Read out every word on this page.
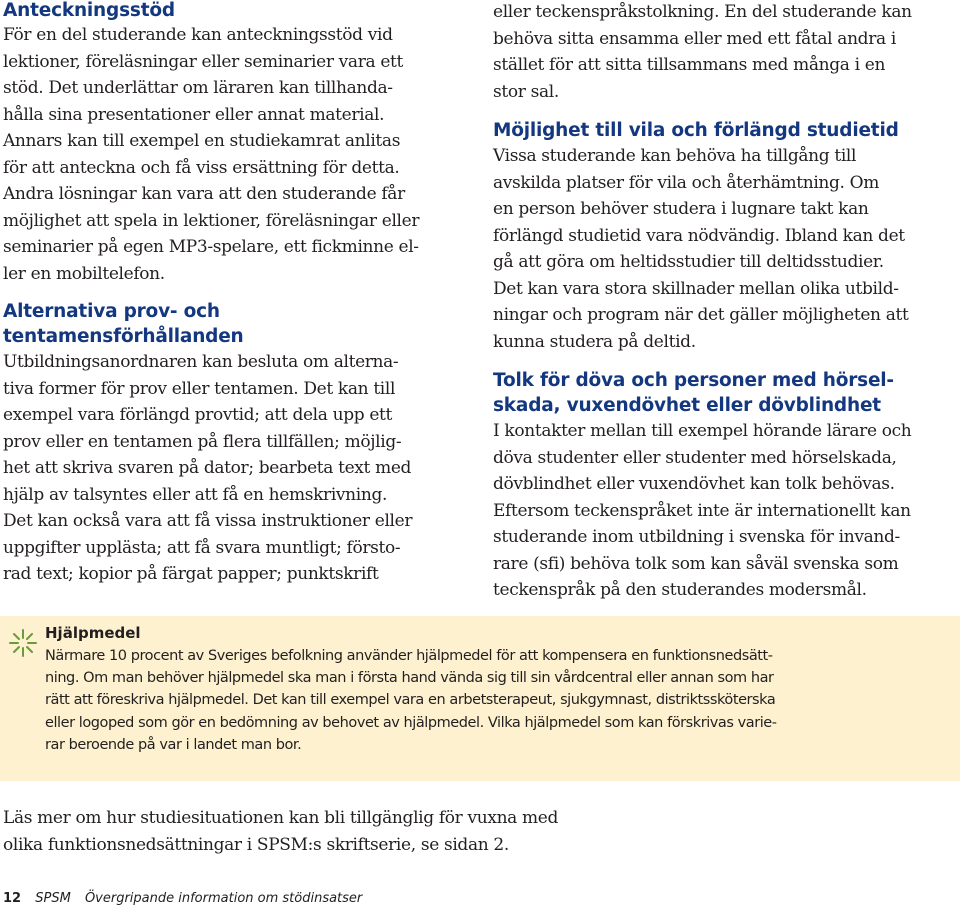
Anteckningsstöd

För en del studerande kan anteckningsstöd vid
lektioner, föreläsningar eller seminarier vara ett
stöd. Det underlättar om läraren kan tillhanda-
hålla sina presentationer eller annat material.
Annars kan till exempel en studiekamrat anlitas
för att anteckna och få viss ersättning för detta.
Andra lösningar kan vara att den studerande får
möjlighet att spela in lektioner, föreläsningar eller
seminarier på egen MP3-spelare, ett fickminne el-
ler en mobiltelefon.

Alternativa prov- och
tentamensförhållanden

Utbildningsanordnaren kan besluta om alterna-
tiva former för prov eller tentamen. Det kan till
exempel vara förlängd provtid; att dela upp ett
prov eller en tentamen på flera tillfällen; möjlig-
het att skriva svaren på dator; bearbeta text med
hjälp av talsyntes eller att få en hemskrivning.
Det kan också vara att få vissa instruktioner eller
uppgifter upplästa; att få svara muntligt; försto-
rad text; kopior på färgat papper; punktskrift

eller teckenspråkstolkning. En del studerande kan
behöva sitta ensamma eller med ett fåtal andra i
stället för att sitta tillsammans med många i en
stor sal.

Möjlighet till vila och förlängd studietid

Vissa studerande kan behöva ha tillgång till
avskilda platser för vila och återhämtning. Om
en person behöver studera i lugnare takt kan
förlängd studietid vara nödvändig. Ibland kan det
gå att göra om heltidsstudier till deltidsstudier.
Det kan vara stora skillnader mellan olika utbild-
ningar och program när det gäller möjligheten att
kunna studera på deltid.

Tolk för döva och personer med hörsel-
skada, vuxendövhet eller dövblindhet

I kontakter mellan till exempel hörande lärare och
döva studenter eller studenter med hörselskada,
dövblindhet eller vuxendövhet kan tolk behövas.
Eftersom teckenspråket inte är internationellt kan
studerande inom utbildning i svenska för invand-
rare (sfi) behöva tolk som kan såväl svenska som
teckenspråk på den studerandes modersmål.

Hjälpmedel

Närmare 10 procent av Sveriges befolkning använder hjälpmedel för att kompensera en funktionsnedsätt-
ning. Om man behöver hjälpmedel ska man i första hand vända sig till sin vårdcentral eller annan som har
rätt att föreskriva hjälpmedel. Det kan till exempel vara en arbetsterapeut, sjukgymnast, distriktssköterska
eller logoped som gör en bedömning av behovet av hjälpmedel. Vilka hjälpmedel som kan förskrivas varie-
rar beroende på var i landet man bor.

Läs mer om hur studiesituationen kan bli tillgänglig för vuxna med
olika funktionsnedsättningar i SPSM:s skriftserie, se sidan 2.

12 SPSM Övergripande information om stödinsatser
